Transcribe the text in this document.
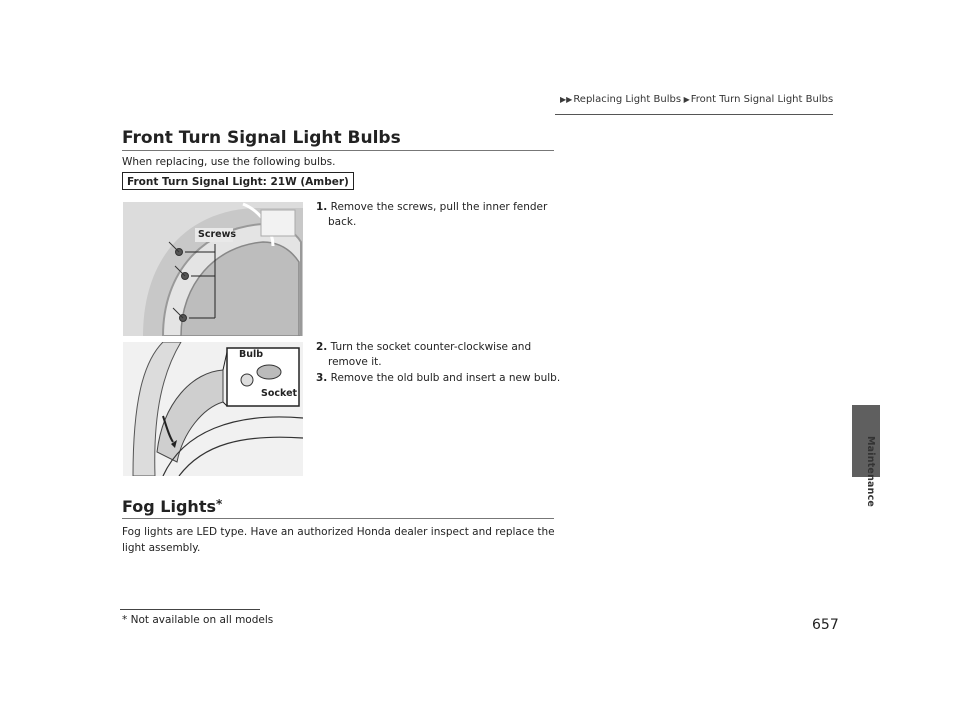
▶▶Replacing Light Bulbs ▶Front Turn Signal Light Bulbs
Maintenance
Front Turn Signal Light Bulbs
When replacing, use the following bulbs.
Front Turn Signal Light: 21W (Amber)
Screws
1. Remove the screws, pull the inner fender
back.
Bulb
Socket
2. Turn the socket counter-clockwise and
remove it.
3. Remove the old bulb and insert a new bulb.
Fog Lights*
Fog lights are LED type. Have an authorized Honda dealer inspect and replace the
light assembly.
* Not available on all models	657
